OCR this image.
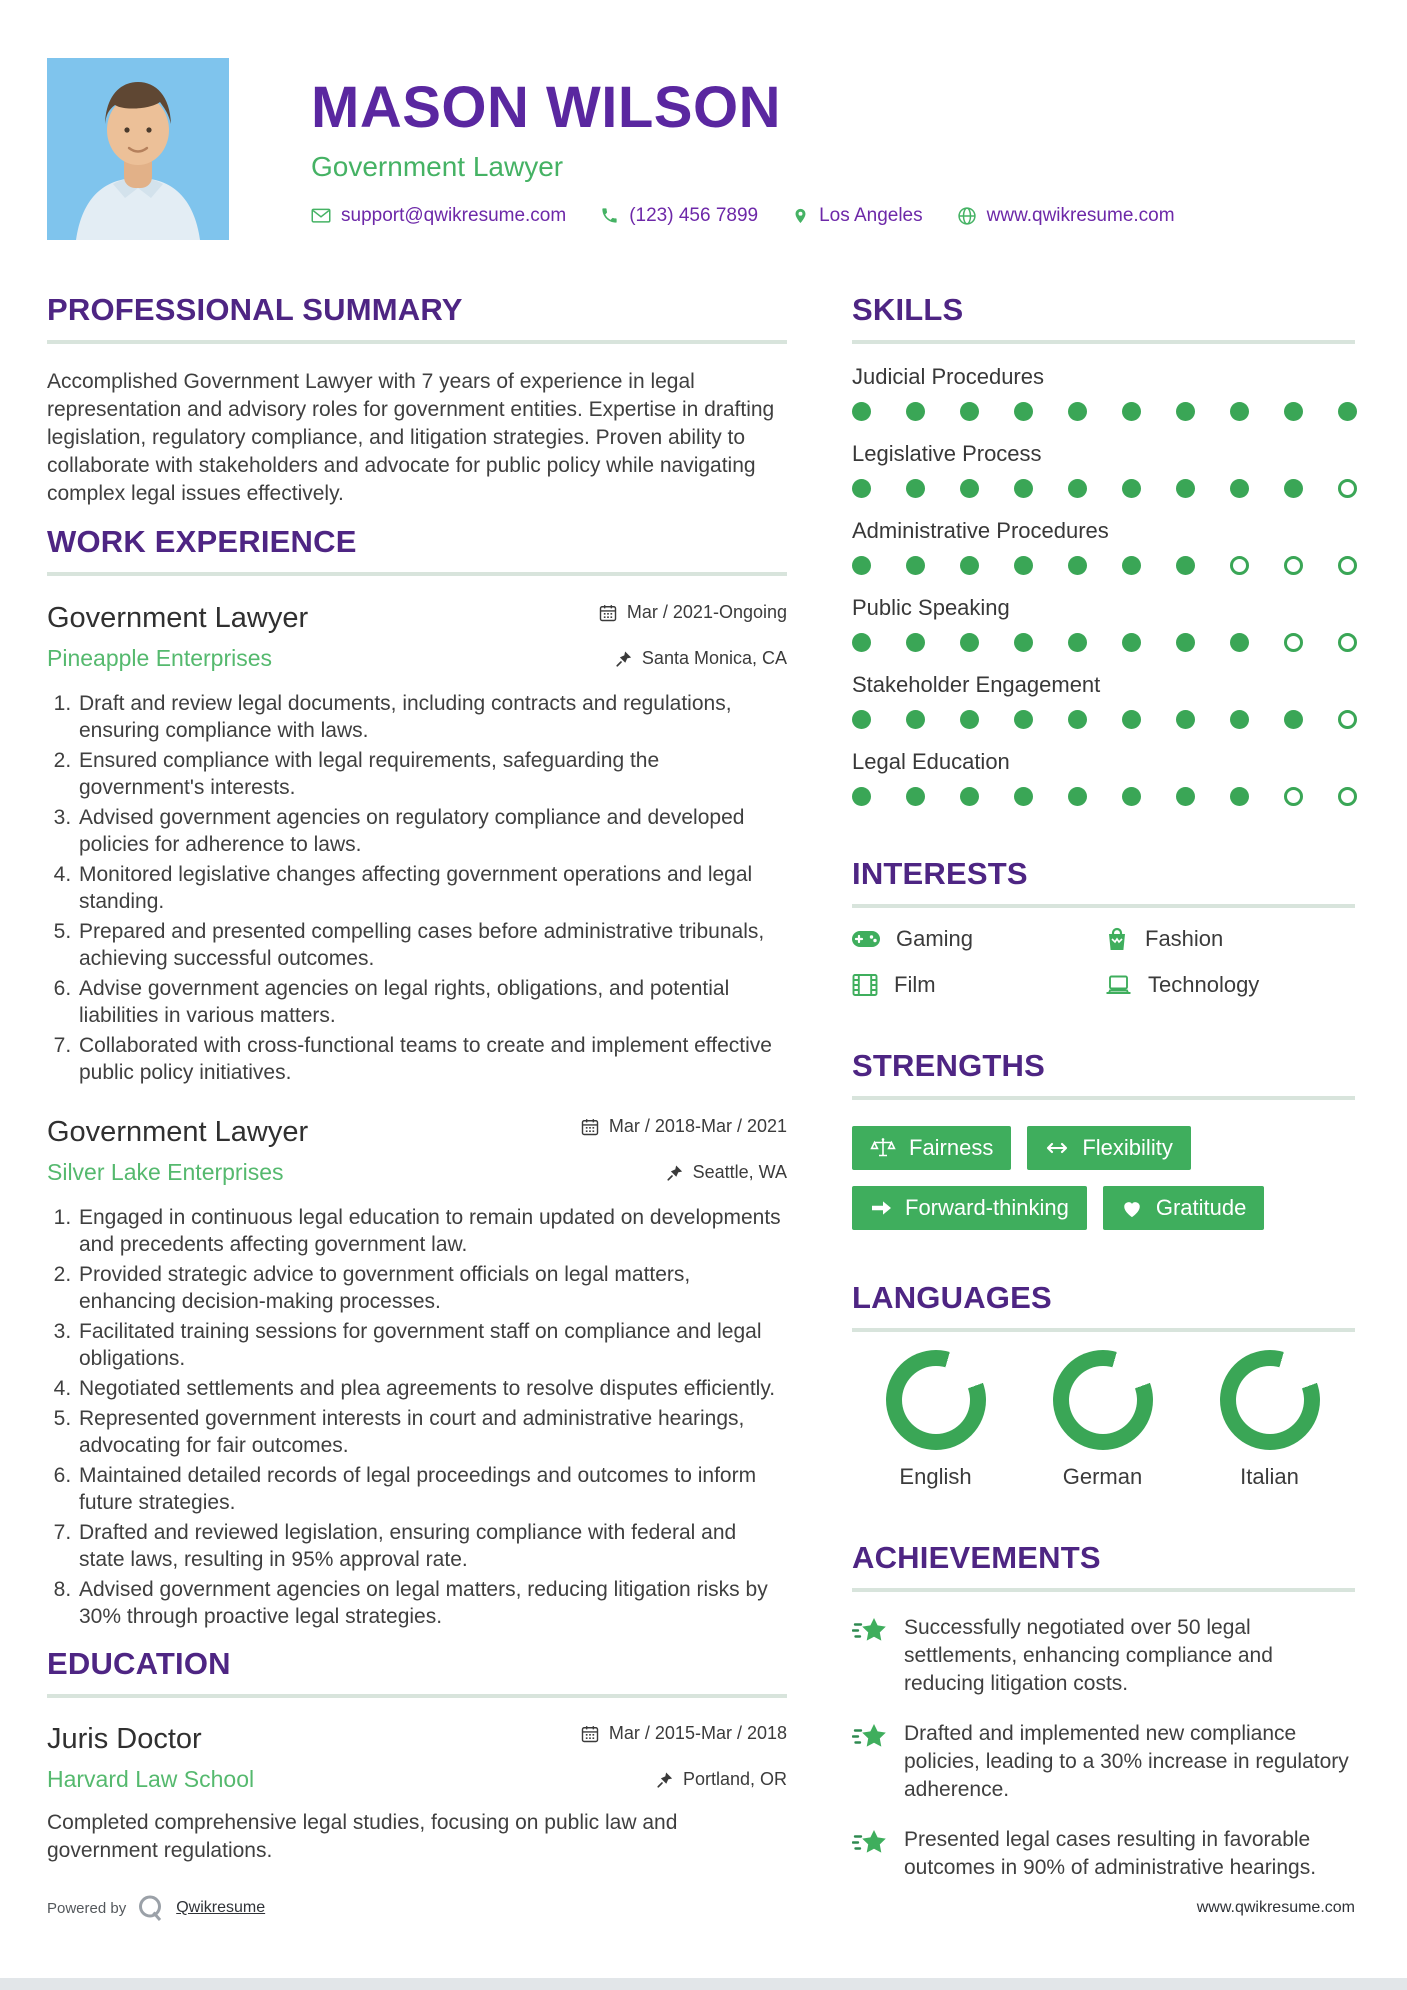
MASON WILSON
Government Lawyer
support@qwikresume.com	(123) 456 7899	Los Angeles	www.qwikresume.com
PROFESSIONAL SUMMARY

Accomplished Government Lawyer with 7 years of experience in legal representation and advisory roles for government entities. Expertise in drafting legislation, regulatory compliance, and litigation strategies. Proven ability to collaborate with stakeholders and advocate for public policy while navigating complex legal issues effectively.

WORK EXPERIENCE
Government Lawyer	Mar / 2021-Ongoing
Pineapple Enterprises	Santa Monica, CA
1. Draft and review legal documents, including contracts and regulations, ensuring compliance with laws.
2. Ensured compliance with legal requirements, safeguarding the government's interests.
3. Advised government agencies on regulatory compliance and developed policies for adherence to laws.
4. Monitored legislative changes affecting government operations and legal standing.
5. Prepared and presented compelling cases before administrative tribunals, achieving successful outcomes.
6. Advise government agencies on legal rights, obligations, and potential liabilities in various matters.
7. Collaborated with cross-functional teams to create and implement effective public policy initiatives.
Government Lawyer	Mar / 2018-Mar / 2021
Silver Lake Enterprises	Seattle, WA
1. Engaged in continuous legal education to remain updated on developments and precedents affecting government law.
2. Provided strategic advice to government officials on legal matters, enhancing decision-making processes.
3. Facilitated training sessions for government staff on compliance and legal obligations.
4. Negotiated settlements and plea agreements to resolve disputes efficiently.
5. Represented government interests in court and administrative hearings, advocating for fair outcomes.
6. Maintained detailed records of legal proceedings and outcomes to inform future strategies.
7. Drafted and reviewed legislation, ensuring compliance with federal and state laws, resulting in 95% approval rate.
8. Advised government agencies on legal matters, reducing litigation risks by 30% through proactive legal strategies.
EDUCATION
Juris Doctor	Mar / 2015-Mar / 2018
Harvard Law School	Portland, OR

Completed comprehensive legal studies, focusing on public law and government regulations.

SKILLS
Judicial Procedures
Legislative Process
Administrative Procedures
Public Speaking
Stakeholder Engagement
Legal Education
INTERESTS
Gaming	Fashion
Film	Technology
STRENGTHS
Fairness	Flexibility
Forward-thinking	Gratitude
LANGUAGES
English	German	Italian
ACHIEVEMENTS
Successfully negotiated over 50 legal settlements, enhancing compliance and reducing litigation costs.
Drafted and implemented new compliance policies, leading to a 30% increase in regulatory adherence.
Presented legal cases resulting in favorable outcomes in 90% of administrative hearings.
Powered by	Qwikresume	www.qwikresume.com
